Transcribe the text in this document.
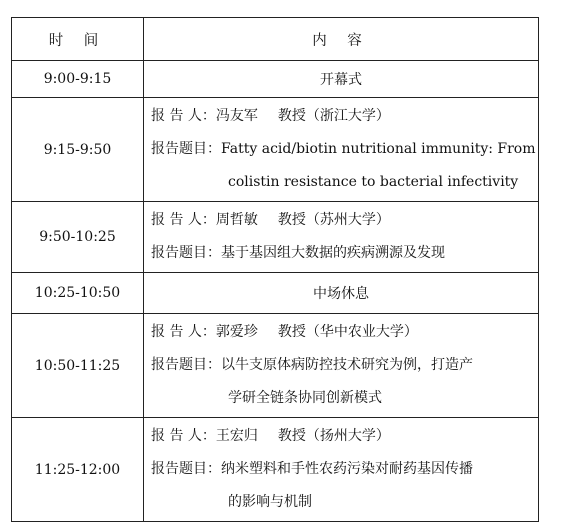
时 间	内 容
9:00-9:15	开幕式
9:15-9:50	报 告 人：冯友军 教授（浙江大学）
报告题目：Fatty acid/biotin nutritional immunity: From
colistin resistance to bacterial infectivity

9:50-10:25	报 告 人：周哲敏 教授（苏州大学）
报告题目：基于基因组大数据的疾病溯源及发现

10:25-10:50	中场休息
10:50-11:25	报 告 人：郭爱珍 教授（华中农业大学）
报告题目：以牛支原体病防控技术研究为例，打造产
学研全链条协同创新模式

11:25-12:00	报 告 人：王宏归 教授（扬州大学）
报告题目：纳米塑料和手性农药污染对耐药基因传播
的影响与机制
